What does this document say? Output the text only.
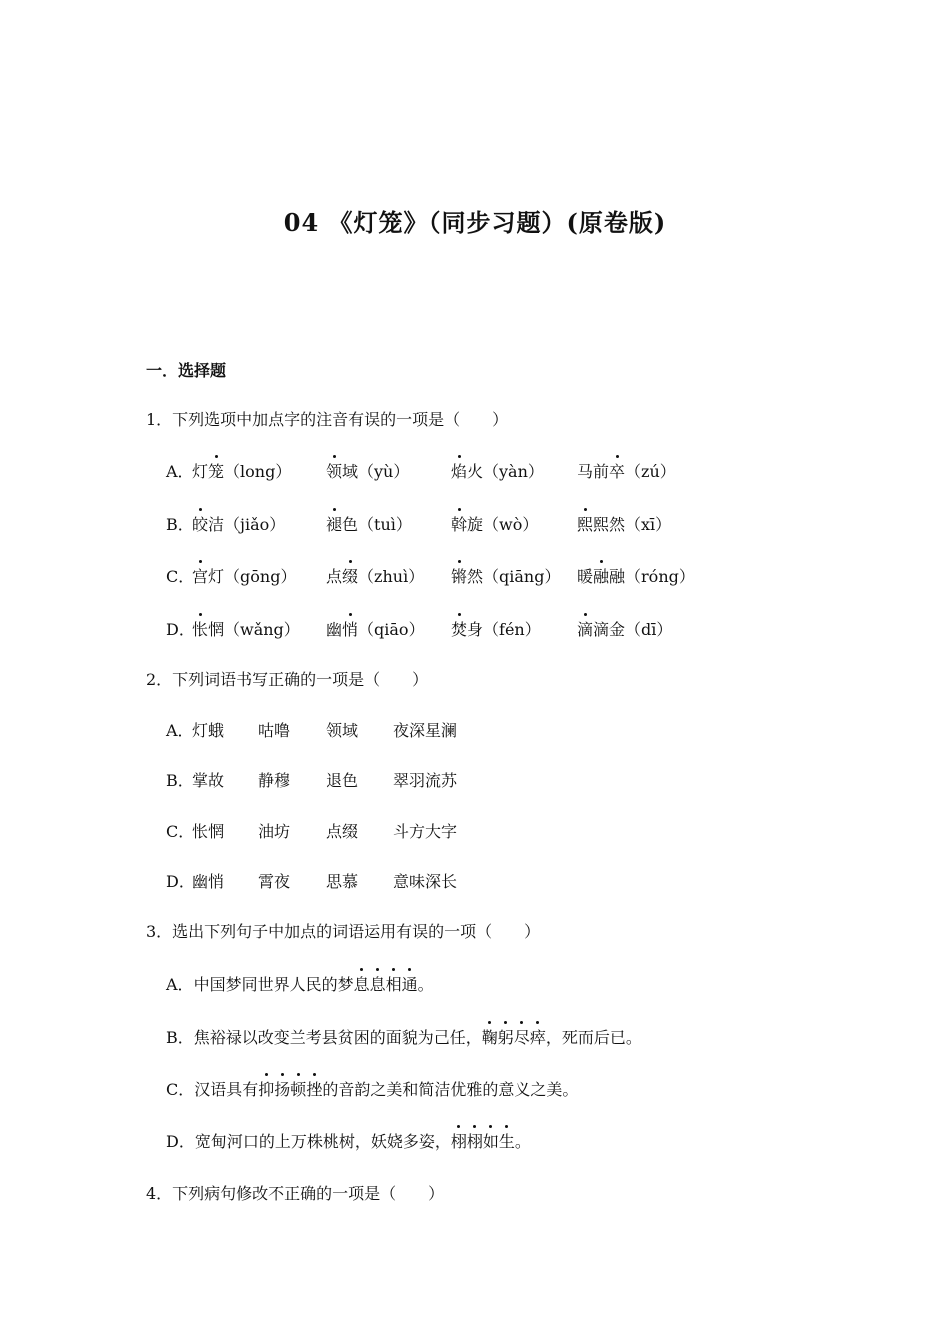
04 《灯笼》（同步习题）(原卷版)
一．选择题
1．下列选项中加点字的注音有误的一项是（　　）
A．
灯笼（long） 领域（yù）	焰火（yàn） 马前卒（zú）
B．
皎洁（jiǎo）	褪色（tuì） 斡旋（wò） 熙熙然（xī）
C．
宫灯（gōng） 点缀（zhuì） 锵然（qiāng） 暖融融（róng）
D．
怅惘（wǎng） 幽悄（qiāo） 焚身（fén） 滴滴金（dī）
2．下列词语书写正确的一项是（　　）
A．
灯蛾 咕噜 领域 夜深星澜
B．
掌故 静穆 退色 翠羽流苏
C．
怅惘 油坊 点缀 斗方大字
D．
幽悄 霄夜 思慕 意味深长
3．选出下列句子中加点的词语运用有误的一项（　　）
A．中国梦同世界人民的梦息息相通。
B．焦裕禄以改变兰考县贫困的面貌为己任，鞠躬尽瘁，死而后已。
C．汉语具有抑扬顿挫的音韵之美和简洁优雅的意义之美。
D．宽甸河口的上万株桃树，妖娆多姿，栩栩如生。
4．下列病句修改不正确的一项是（　　）
